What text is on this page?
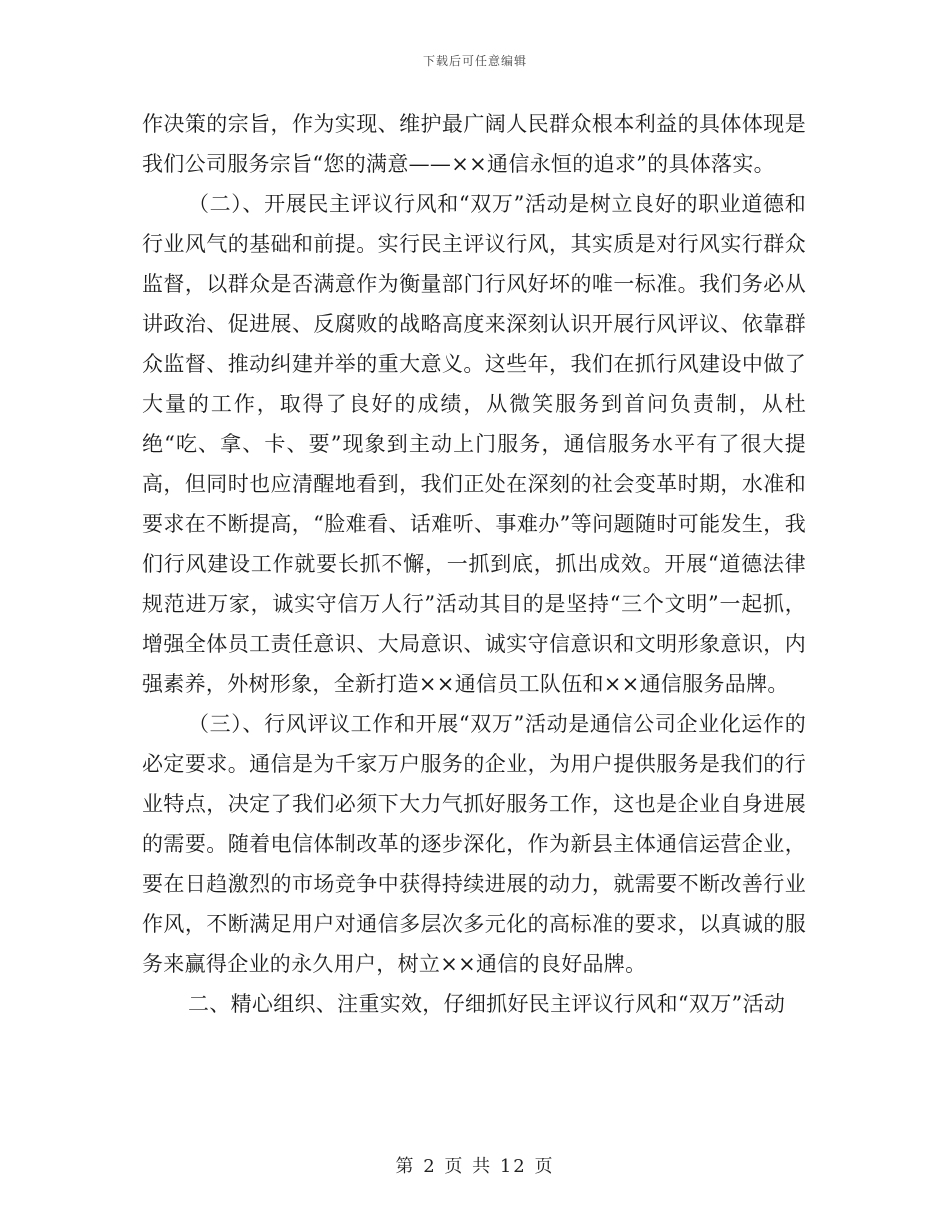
下载后可任意编辑

作决策的宗旨，作为实现、维护最广阔人民群众根本利益的具体体现是我们公司服务宗旨“您的满意——××通信永恒的追求”的具体落实。

（二）、开展民主评议行风和“双万”活动是树立良好的职业道德和行业风气的基础和前提。实行民主评议行风，其实质是对行风实行群众监督，以群众是否满意作为衡量部门行风好坏的唯一标准。我们务必从讲政治、促进展、反腐败的战略高度来深刻认识开展行风评议、依靠群众监督、推动纠建并举的重大意义。这些年，我们在抓行风建设中做了大量的工作，取得了良好的成绩，从微笑服务到首问负责制，从杜绝“吃、拿、卡、要”现象到主动上门服务，通信服务水平有了很大提高，但同时也应清醒地看到，我们正处在深刻的社会变革时期，水准和要求在不断提高，“脸难看、话难听、事难办”等问题随时可能发生，我们行风建设工作就要长抓不懈，一抓到底，抓出成效。开展“道德法律规范进万家，诚实守信万人行”活动其目的是坚持“三个文明”一起抓，增强全体员工责任意识、大局意识、诚实守信意识和文明形象意识，内强素养，外树形象，全新打造××通信员工队伍和××通信服务品牌。

（三）、行风评议工作和开展“双万”活动是通信公司企业化运作的必定要求。通信是为千家万户服务的企业，为用户提供服务是我们的行业特点，决定了我们必须下大力气抓好服务工作，这也是企业自身进展的需要。随着电信体制改革的逐步深化，作为新县主体通信运营企业，要在日趋激烈的市场竞争中获得持续进展的动力，就需要不断改善行业作风，不断满足用户对通信多层次多元化的高标准的要求，以真诚的服务来赢得企业的永久用户，树立××通信的良好品牌。

二、精心组织、注重实效，仔细抓好民主评议行风和“双万”活动

第 2 页 共 12 页
